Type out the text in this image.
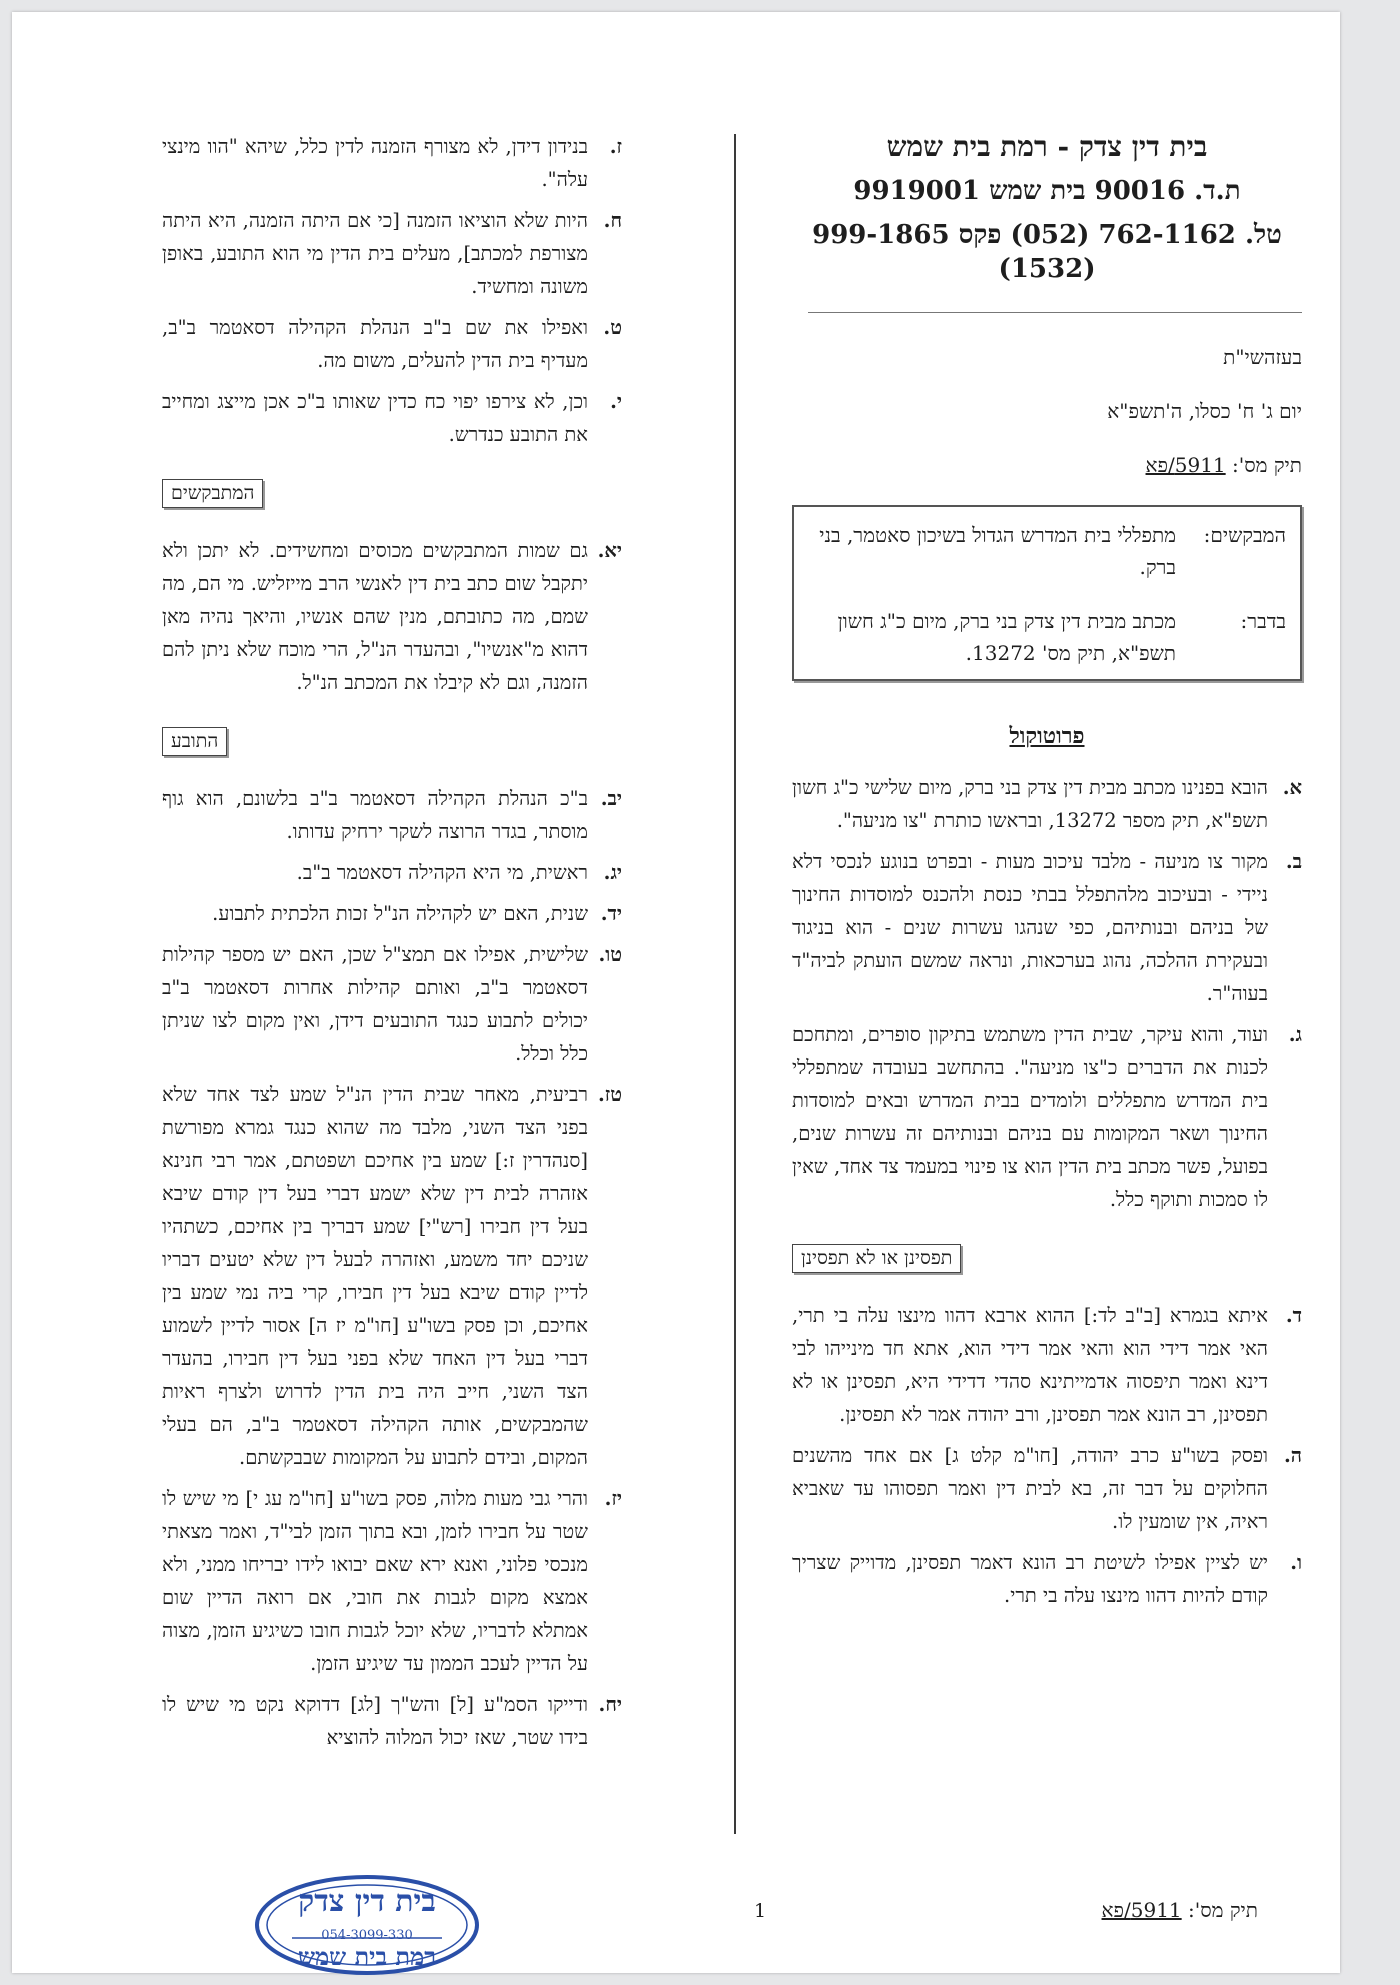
בית דין צדק - רמת בית שמש
ת.ד. 90016 בית שמש 9919001
טל. 762-1162 (052) פקס 999-1865 (1532)
בעזהשי"ת
יום ג' ח' כסלו, ה'תשפ"א
תיק מס': 5911/פא
המבקשים:
מתפללי בית המדרש הגדול בשיכון סאטמר, בני ברק.
בדבר:
מכתב מבית דין צדק בני ברק, מיום כ"ג חשון תשפ"א, תיק מס' 13272.
פרוטוקול
א.
הובא בפנינו מכתב מבית דין צדק בני ברק, מיום שלישי כ"ג חשון תשפ"א, תיק מספר 13272, ובראשו כותרת "צו מניעה".
ב.
מקור צו מניעה - מלבד עיכוב מעות - ובפרט בנוגע לנכסי דלא ניידי - ובעיכוב מלהתפלל בבתי כנסת ולהכנס למוסדות החינוך של בניהם ובנותיהם, כפי שנהגו עשרות שנים - הוא בניגוד ובעקירת ההלכה, נהוג בערכאות, ונראה שמשם הועתק לביה"ד בעוה"ר.
ג.
ועוד, והוא עיקר, שבית הדין משתמש בתיקון סופרים, ומתחכם לכנות את הדברים כ"צו מניעה". בהתחשב בעובדה שמתפללי בית המדרש מתפללים ולומדים בבית המדרש ובאים למוסדות החינוך ושאר המקומות עם בניהם ובנותיהם זה עשרות שנים, בפועל, פשר מכתב בית הדין הוא צו פינוי במעמד צד אחד, שאין לו סמכות ותוקף כלל.
תפסינן או לא תפסינן
ד.
איתא בגמרא [ב"ב לד:] ההוא ארבא דהוו מינצו עלה בי תרי, האי אמר דידי הוא והאי אמר דידי הוא, אתא חד מינייהו לבי דינא ואמר תיפסוה אדמייתינא סהדי דדידי היא, תפסינן או לא תפסינן, רב הונא אמר תפסינן, ורב יהודה אמר לא תפסינן.
ה.
ופסק בשו"ע כרב יהודה, [חו"מ קלט ג] אם אחד מהשנים החלוקים על דבר זה, בא לבית דין ואמר תפסוהו עד שאביא ראיה, אין שומעין לו.
ו.
יש לציין אפילו לשיטת רב הונא דאמר תפסינן, מדוייק שצריך קודם להיות דהוו מינצו עלה בי תרי.
ז.
בנידון דידן, לא מצורף הזמנה לדין כלל, שיהא "הוו מינצי עלה".
ח.
היות שלא הוציאו הזמנה [כי אם היתה הזמנה, היא היתה מצורפת למכתב], מעלים בית הדין מי הוא התובע, באופן משונה ומחשיד.
ט.
ואפילו את שם ב"ב הנהלת הקהילה דסאטמר ב"ב, מעדיף בית הדין להעלים, משום מה.
י.
וכן, לא צירפו יפוי כח כדין שאותו ב"כ אכן מייצג ומחייב את התובע כנדרש.
המתבקשים
יא.
גם שמות המתבקשים מכוסים ומחשידים. לא יתכן ולא יתקבל שום כתב בית דין לאנשי הרב מייזליש. מי הם, מה שמם, מה כתובתם, מנין שהם אנשיו, והיאך נהיה מאן דהוא מ"אנשיו", ובהעדר הנ"ל, הרי מוכח שלא ניתן להם הזמנה, וגם לא קיבלו את המכתב הנ"ל.
התובע
יב.
ב"כ הנהלת הקהילה דסאטמר ב"ב בלשונם, הוא גוף מוסתר, בגדר הרוצה לשקר ירחיק עדותו.
יג.
ראשית, מי היא הקהילה דסאטמר ב"ב.
יד.
שנית, האם יש לקהילה הנ"ל זכות הלכתית לתבוע.
טו.
שלישית, אפילו אם תמצ"ל שכן, האם יש מספר קהילות דסאטמר ב"ב, ואותם קהילות אחרות דסאטמר ב"ב יכולים לתבוע כנגד התובעים דידן, ואין מקום לצו שניתן כלל וכלל.
טז.
רביעית, מאחר שבית הדין הנ"ל שמע לצד אחד שלא בפני הצד השני, מלבד מה שהוא כנגד גמרא מפורשת [סנהדרין ז:] שמע בין אחיכם ושפטתם, אמר רבי חנינא אזהרה לבית דין שלא ישמע דברי בעל דין קודם שיבא בעל דין חבירו [רש"י] שמע דבריך בין אחיכם, כשתהיו שניכם יחד משמע, ואזהרה לבעל דין שלא יטעים דבריו לדיין קודם שיבא בעל דין חבירו, קרי ביה נמי שמע בין אחיכם, וכן פסק בשו"ע [חו"מ יז ה] אסור לדיין לשמוע דברי בעל דין האחד שלא בפני בעל דין חבירו, בהעדר הצד השני, חייב היה בית הדין לדרוש ולצרף ראיות שהמבקשים, אותה הקהילה דסאטמר ב"ב, הם בעלי המקום, ובידם לתבוע על המקומות שבבקשתם.
יז.
והרי גבי מעות מלוה, פסק בשו"ע [חו"מ עג י] מי שיש לו שטר על חבירו לזמן, ובא בתוך הזמן לבי"ד, ואמר מצאתי מנכסי פלוני, ואנא ירא שאם יבואו לידו יבריחו ממני, ולא אמצא מקום לגבות את חובי, אם רואה הדיין שום אמתלא לדבריו, שלא יוכל לגבות חובו כשיגיע הזמן, מצוה על הדיין לעכב הממון עד שיגיע הזמן.
יח.
ודייקו הסמ"ע [ל] והש"ך [לג] דדוקא נקט מי שיש לו בידו שטר, שאז יכול המלוה להוציא
1	תיק מס': 5911/פא
בית דין צדק
054-3099-330
רמת בית שמש
